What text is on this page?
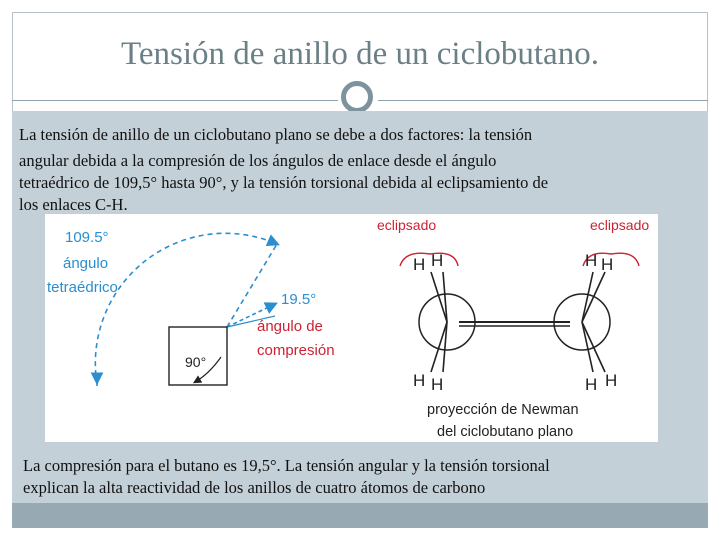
Tensión de anillo de un ciclobutano.
La tensión de anillo de un ciclobutano plano se debe a dos factores: la tensión
angular debida a la compresión de los ángulos de enlace desde el ángulo
tetraédrico de 109,5° hasta 90°, y la tensión torsional debida al eclipsamiento de
los enlaces C-H.
109.5°
ángulo
tetraédrico
19.5°
ángulo de
compresión
90°
eclipsado	eclipsado
H H	H H
H H	H H
proyección de Newman
del ciclobutano plano
La compresión para el butano es 19,5°. La tensión angular y la tensión torsional
explican la alta reactividad de los anillos de cuatro átomos de carbono
